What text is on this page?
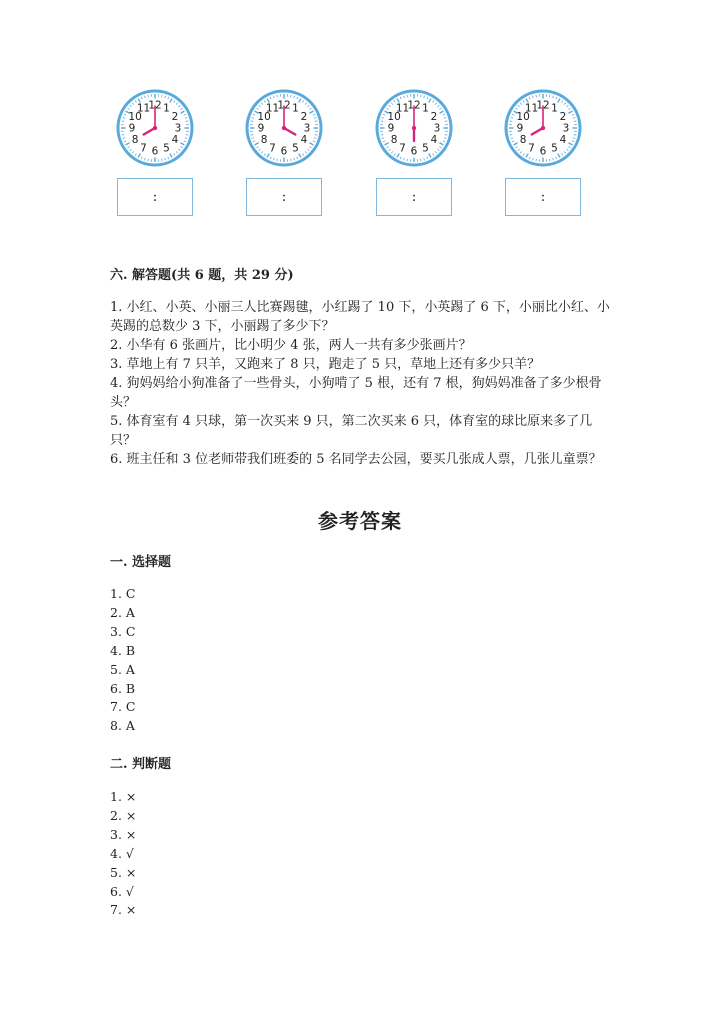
12 1
2
3
4
5
6
7
8
9
10
11	12 1
2
3
4
5
6
7
8
9
10
11	12 1
2
3
4
5
6
7
8
9
10
11	12 1
2
3
4
5
6
7
8
9
10
11
:	:	:	:
六. 解答题(共 6 题，共 29 分)

1. 小红、小英、小丽三人比赛踢毽，小红踢了 10 下，小英踢了 6 下，小丽比小红、小英踢的总数少 3 下，小丽踢了多少下？

2. 小华有 6 张画片，比小明少 4 张，两人一共有多少张画片？

3. 草地上有 7 只羊，又跑来了 8 只，跑走了 5 只，草地上还有多少只羊？

4. 狗妈妈给小狗准备了一些骨头，小狗啃了 5 根，还有 7 根，狗妈妈准备了多少根骨头？

5. 体育室有 4 只球，第一次买来 9 只，第二次买来 6 只，体育室的球比原来多了几只？

6. 班主任和 3 位老师带我们班委的 5 名同学去公园，要买几张成人票，几张儿童票？

参考答案
一. 选择题

1. C

2. A

3. C

4. B

5. A

6. B

7. C

8. A

二. 判断题

1. ×

2. ×

3. ×

4. √

5. ×

6. √

7. ×
